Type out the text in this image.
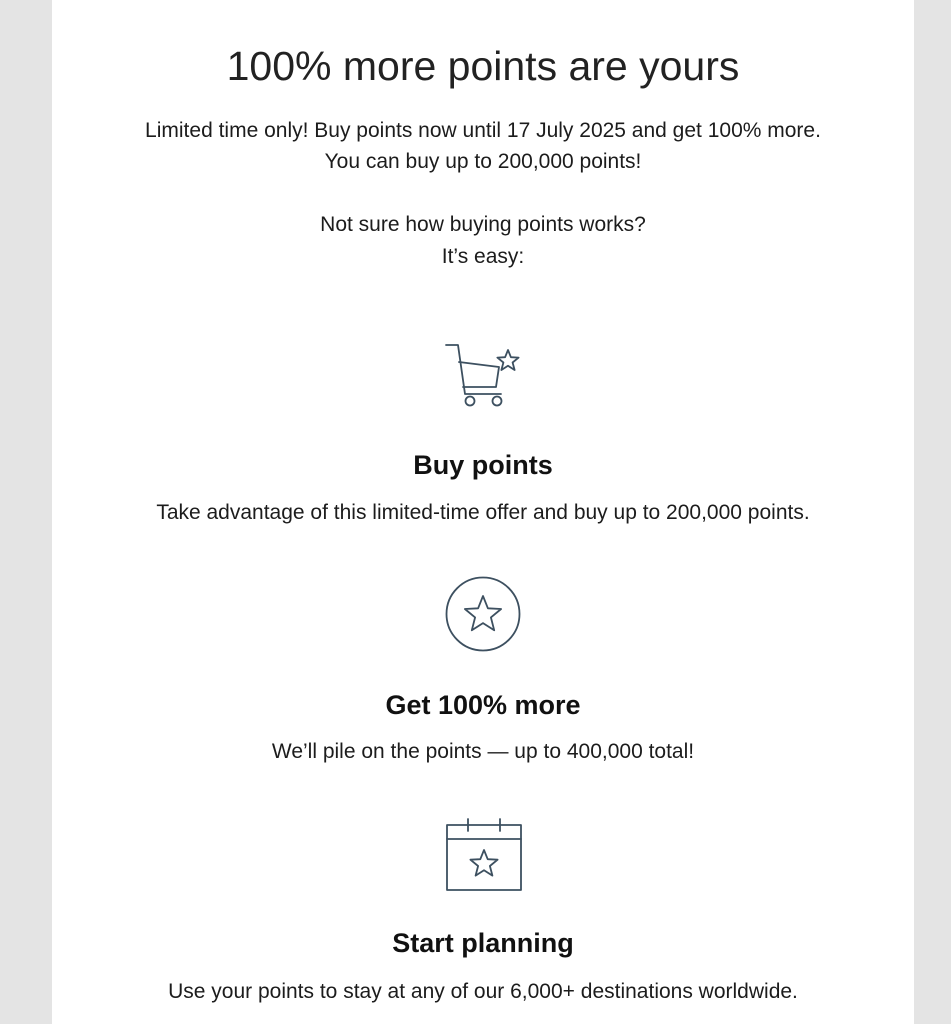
100% more points are yours

Limited time only! Buy points now until 17 July 2025 and get 100% more.

You can buy up to 200,000 points!

Not sure how buying points works?

It’s easy:

Buy points

Take advantage of this limited-time offer and buy up to 200,000 points.

Get 100% more

We’ll pile on the points — up to 400,000 total!

Start planning

Use your points to stay at any of our 6,000+ destinations worldwide.
